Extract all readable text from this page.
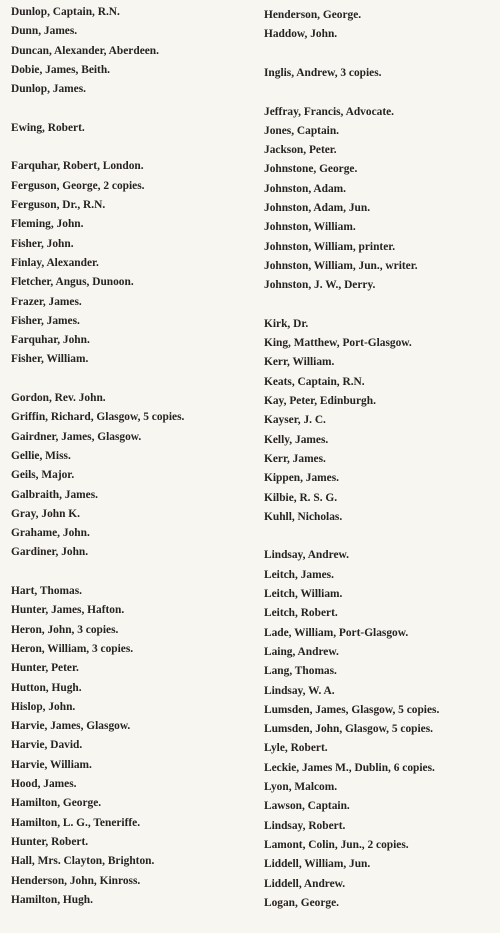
Dunlop, Captain, R.N.
Dunn, James.
Duncan, Alexander, Aberdeen.
Dobie, James, Beith.
Dunlop, James.
Ewing, Robert.
Farquhar, Robert, London.
Ferguson, George, 2 copies.
Ferguson, Dr., R.N.
Fleming, John.
Fisher, John.
Finlay, Alexander.
Fletcher, Angus, Dunoon.
Frazer, James.
Fisher, James.
Farquhar, John.
Fisher, William.
Gordon, Rev. John.
Griffin, Richard, Glasgow, 5 copies.
Gairdner, James, Glasgow.
Gellie, Miss.
Geils, Major.
Galbraith, James.
Gray, John K.
Grahame, John.
Gardiner, John.
Hart, Thomas.
Hunter, James, Hafton.
Heron, John, 3 copies.
Heron, William, 3 copies.
Hunter, Peter.
Hutton, Hugh.
Hislop, John.
Harvie, James, Glasgow.
Harvie, David.
Harvie, William.
Hood, James.
Hamilton, George.
Hamilton, L. G., Teneriffe.
Hunter, Robert.
Hall, Mrs. Clayton, Brighton.
Henderson, John, Kinross.
Hamilton, Hugh.
Henderson, George.
Haddow, John.
Inglis, Andrew, 3 copies.
Jeffray, Francis, Advocate.
Jones, Captain.
Jackson, Peter.
Johnstone, George.
Johnston, Adam.
Johnston, Adam, Jun.
Johnston, William.
Johnston, William, printer.
Johnston, William, Jun., writer.
Johnston, J. W., Derry.
Kirk, Dr.
King, Matthew, Port-Glasgow.
Kerr, William.
Keats, Captain, R.N.
Kay, Peter, Edinburgh.
Kayser, J. C.
Kelly, James.
Kerr, James.
Kippen, James.
Kilbie, R. S. G.
Kuhll, Nicholas.
Lindsay, Andrew.
Leitch, James.
Leitch, William.
Leitch, Robert.
Lade, William, Port-Glasgow.
Laing, Andrew.
Lang, Thomas.
Lindsay, W. A.
Lumsden, James, Glasgow, 5 copies.
Lumsden, John, Glasgow, 5 copies.
Lyle, Robert.
Leckie, James M., Dublin, 6 copies.
Lyon, Malcom.
Lawson, Captain.
Lindsay, Robert.
Lamont, Colin, Jun., 2 copies.
Liddell, William, Jun.
Liddell, Andrew.
Logan, George.
